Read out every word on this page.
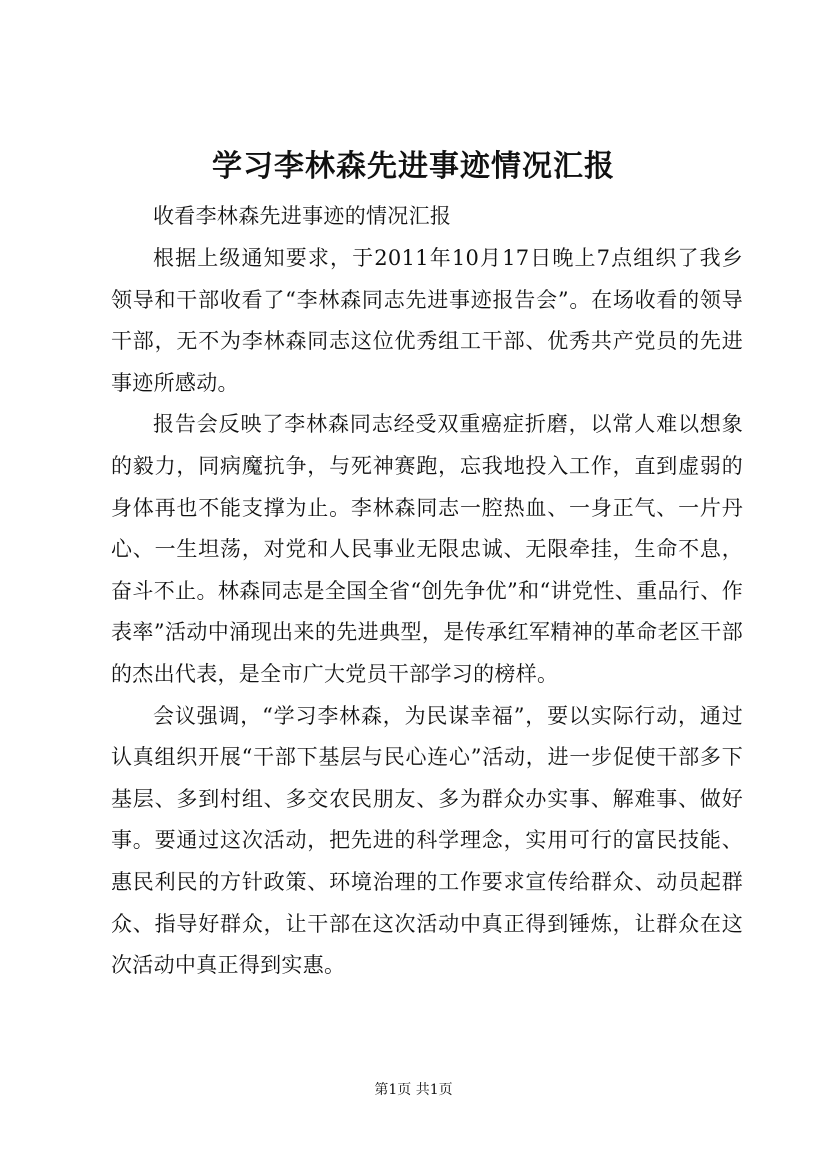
学习李林森先进事迹情况汇报

收看李林森先进事迹的情况汇报

根据上级通知要求，于2011年10月17日晚上7点组织了我乡领导和干部收看了“李林森同志先进事迹报告会”。在场收看的领导干部，无不为李林森同志这位优秀组工干部、优秀共产党员的先进事迹所感动。

报告会反映了李林森同志经受双重癌症折磨，以常人难以想象的毅力，同病魔抗争，与死神赛跑，忘我地投入工作，直到虚弱的身体再也不能支撑为止。李林森同志一腔热血、一身正气、一片丹心、一生坦荡，对党和人民事业无限忠诚、无限牵挂，生命不息，奋斗不止。林森同志是全国全省“创先争优”和“讲党性、重品行、作表率”活动中涌现出来的先进典型，是传承红军精神的革命老区干部的杰出代表，是全市广大党员干部学习的榜样。

会议强调，“学习李林森，为民谋幸福”，要以实际行动，通过认真组织开展“干部下基层与民心连心”活动，进一步促使干部多下基层、多到村组、多交农民朋友、多为群众办实事、解难事、做好事。要通过这次活动，把先进的科学理念，实用可行的富民技能、惠民利民的方针政策、环境治理的工作要求宣传给群众、动员起群众、指导好群众，让干部在这次活动中真正得到锤炼，让群众在这次活动中真正得到实惠。

第1页 共1页
